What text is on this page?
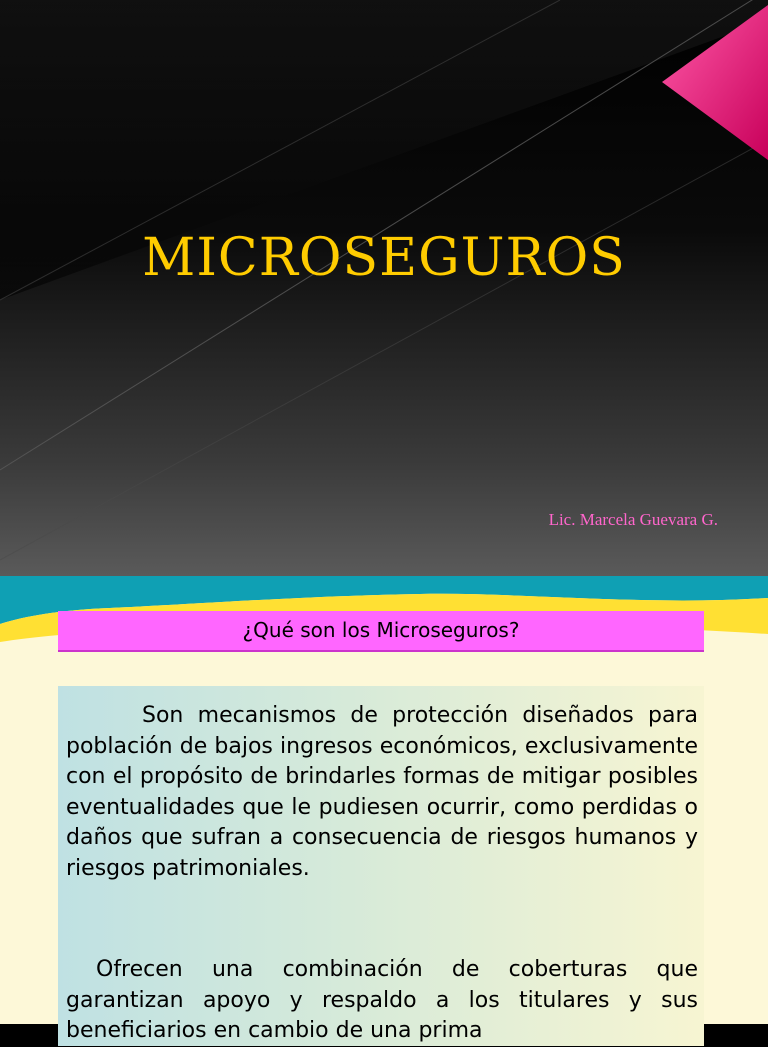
MICROSEGUROS
Lic. Marcela Guevara G.
¿Qué son los Microseguros?

Son mecanismos de protección diseñados para población de bajos ingresos económicos, exclusivamente con el propósito de brindarles formas de mitigar posibles eventualidades que le pudiesen ocurrir, como perdidas o daños que sufran a consecuencia de riesgos humanos y riesgos patrimoniales.

Ofrecen una combinación de coberturas que garantizan apoyo y respaldo a los titulares y sus beneficiarios en cambio de una prima
